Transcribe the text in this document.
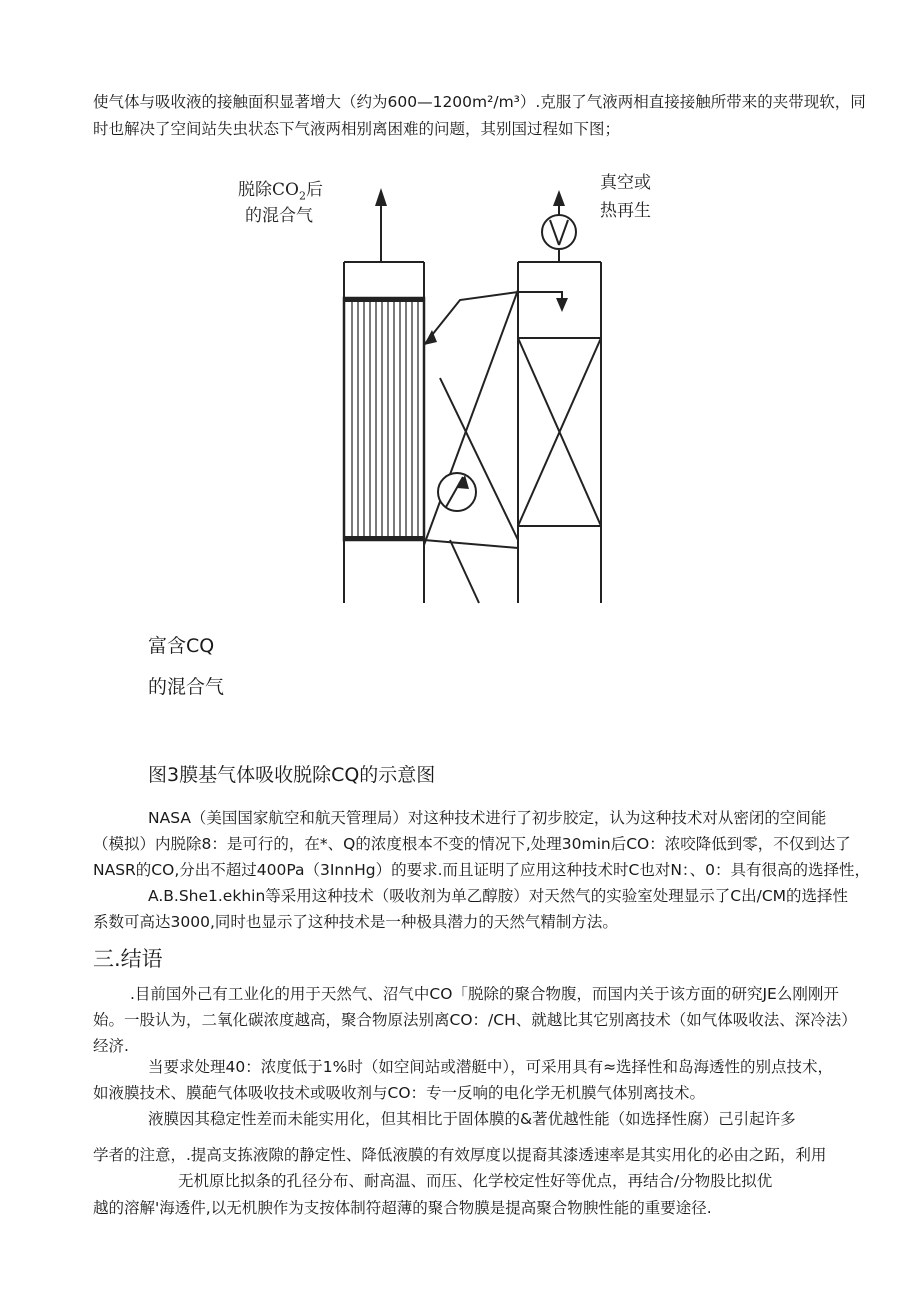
使气体与吸收液的接触面积显著增大（约为600—1200m²/m³）.克服了气液两相直接接触所带来的夹带现软，同
时也解决了空间站失虫状态下气液两相别离困难的问题，其别国过程如下图；
脱除$CO_2$后
的混合气
真空或
热再生
富含CQ
的混合气
图3膜基气体吸收脱除CQ的示意图
NASA（美国国家航空和航天管理局）对这种技术进行了初步胶定，认为这种技术对从密闭的空间能
（模拟）内脱除8：是可行的，在*、Q的浓度根本不变的情况下,处理30min后CO：浓咬降低到零，不仅到达了
NASR的CO,分出不超过400Pa（3InnHg）的要求.而且证明了应用这种技术时C也对N：、0：具有很高的选择性，
A.B.She1.ekhin等采用这种技术（吸收剂为单乙醇胺）对天然气的实验室处理显示了C出/CM的选择性
系数可高达3000,同时也显示了这种技术是一种极具潜力的天然气精制方法。
三.结语
.目前国外己有工业化的用于天然气、沼气中CO「脱除的聚合物腹，而国内关于该方面的研究JE么刚刚开
始。一股认为，二氧化碳浓度越高，聚合物原法别离CO：/CH、就越比其它别离技术（如气体吸收法、深冷法）
经济.
当要求处理40：浓度低于1%时（如空间站或潜艇中），可采用具有≈选择性和岛海透性的别点技术，
如液膜技术、膜葩气体吸收技术或吸收剂与CO：专一反响的电化学无机膜气体别离技术。
液膜因其稳定性差而未能实用化，但其相比于固体膜的&著优越性能（如选择性腐）己引起许多
学者的注意，.提高支拣液隙的静定性、降低液膜的有效厚度以提裔其漆透速率是其实用化的必由之跖，利用
无机原比拟条的孔径分布、耐高温、而压、化学校定性好等优点，再结合/分物股比拟优
越的溶解'海透件,以无机腴作为支按体制符超薄的聚合物膜是提高聚合物腴性能的重要途径.
